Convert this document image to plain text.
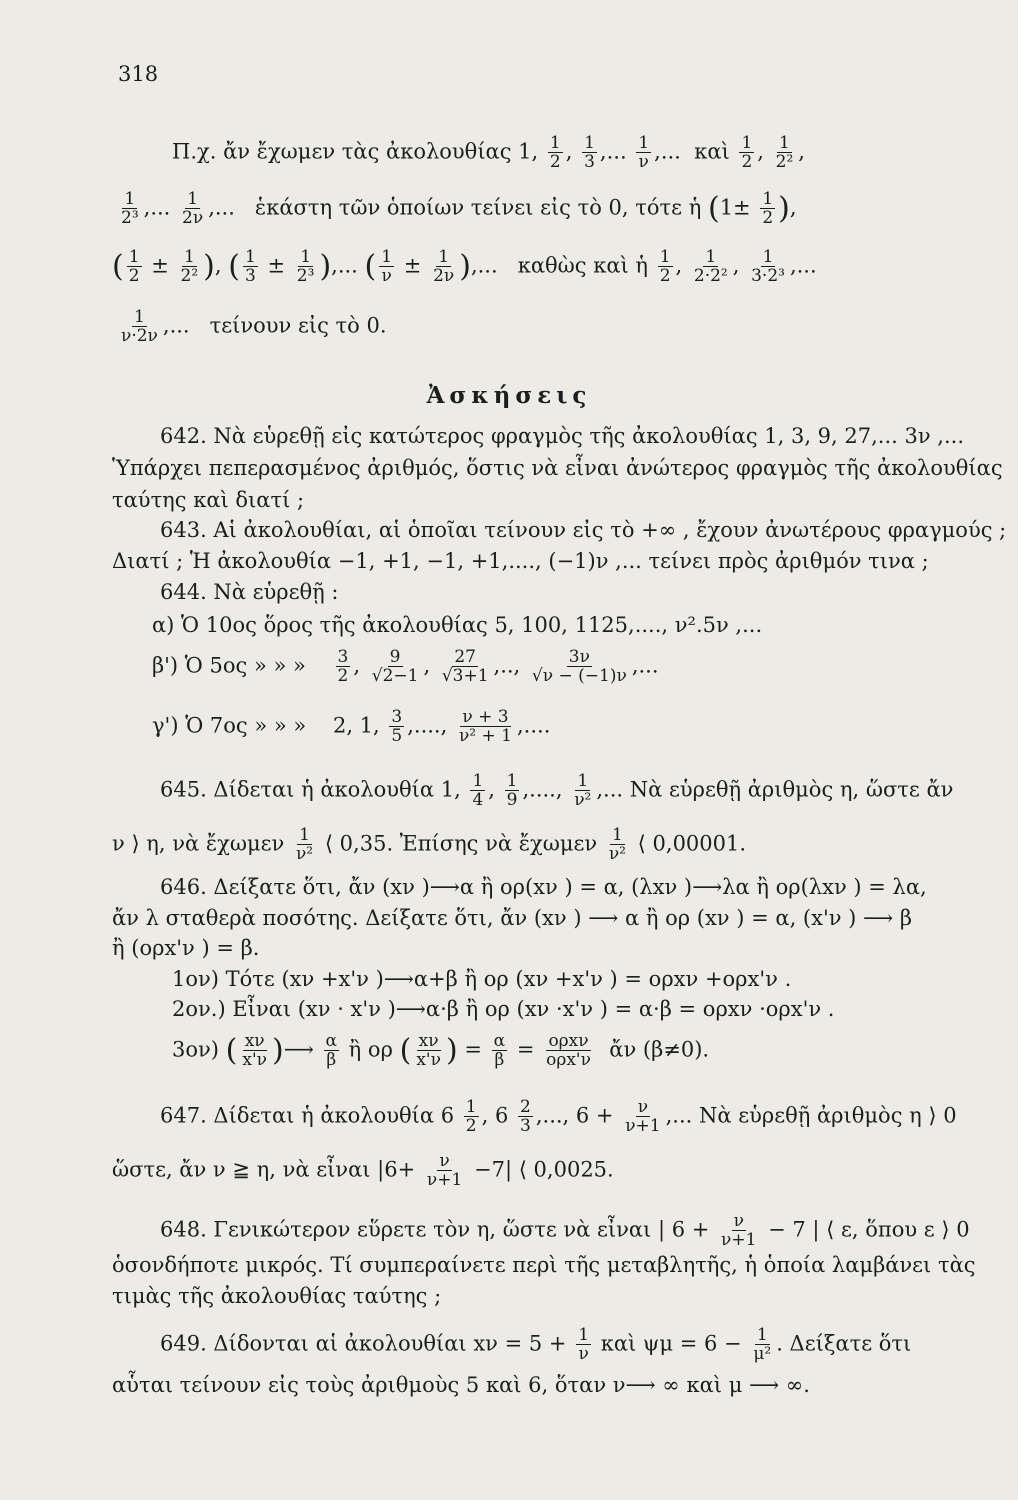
318
Π.χ. ἄν ἔχωμεν τὰς ἀκολουθίας 1, $\frac{1}{2}$ , $\frac{1}{3}$ ,... $\frac{1}{\nu}$ ,... καὶ $\frac{1}{2}$ , $\frac{1}{\text{2²}}$ ,
$\frac{1}{\text{2³}}$ ,... $\frac{1}{2\nu}$ ,... ἑκάστη τῶν ὁποίων τείνει εἰς τὸ 0, τότε ἡ ($1\pm \frac{1}{2}$ ),
( $\frac{1}{2} \pm \frac{1}{\text{2²}}$ ), ( $\frac{1}{3} \pm \frac{1}{\text{2³}}$ ),... ( $\frac{1}{\nu} \pm \frac{1}{2\nu}$ ),... καθὼς καὶ ἡ $\frac{1}{2}$ , $\frac{1}{\text{2·2²}}$ , $\frac{1}{\text{3·2³}}$ ,...
$\frac{1}{\nu\cdot 2\nu}$ ,... τείνουν εἰς τὸ 0.
Ἀσκήσεις
642. Νὰ εὑρεθῇ εἰς κατώτερος φραγμὸς τῆς ἀκολουθίας 1, 3, 9, 27,... 3ν ,...
Ὑπάρχει πεπερασμένος ἀριθμός, ὅστις νὰ εἶναι ἀνώτερος φραγμὸς τῆς ἀκολουθίας
ταύτης καὶ διατί ;
643. Αἱ ἀκολουθίαι, αἱ ὁποῖαι τείνουν εἰς τὸ +∞ , ἔχουν ἀνωτέρους φραγμούς ;
Διατί ; Ἡ ἀκολουθία −1, +1, −1, +1,...., (−1)ν ,... τείνει πρὸς ἀριθμόν τινα ;
644. Νὰ εὑρεθῇ :
α) Ὁ 10ος ὅρος τῆς ἀκολουθίας 5, 100, 1125,...., ν².5ν ,...
β') Ὁ 5ος » » » $\frac{3}{2}$ , $\frac{9}{√2-1}$ , $\frac{27}{√3+1}$ ,.., $\frac{3\nu}{√\nu - (-1)\nu}$ ,...
γ') Ὁ 7ος » » » 2, 1, $\frac{3}{5}$ ,...., $\frac{\nu + 3}{\text{ν² + 1}}$ ,....
645. Δίδεται ἡ ἀκολουθία 1, $\frac{1}{4}$ , $\frac{1}{9}$ ,...., $\frac{1}{\text{ν²}}$ ,... Νὰ εὑρεθῇ ἀριθμὸς η, ὥστε ἄν
ν ⟩ η, νὰ ἔχωμεν $\frac{1}{\text{ν²}}$ ⟨ 0,35. Ἐπίσης νὰ ἔχωμεν $\frac{1}{\text{ν²}}$ ⟨ 0,00001.
646. Δείξατε ὅτι, ἄν (xν )⟶α ἢ ορ(xν ) = α, (λxν )⟶λα ἢ ορ(λxν ) = λα,
ἄν λ σταθερὰ ποσότης. Δείξατε ὅτι, ἄν (xν ) ⟶ α ἢ ορ (xν ) = α, (x'ν ) ⟶ β
ἢ (ορx'ν ) = β.
1ον) Τότε (xν +x'ν )⟶α+β ἢ ορ (xν +x'ν ) = ορxν +ορx'ν .
2ον.) Εἶναι (xν · x'ν )⟶α·β ἢ ορ (xν ·x'ν ) = α·β = ορxν ·ορx'ν .
3ον) ( $\frac{x\nu}{x'\nu}$ )⟶ $\frac{\alpha}{\beta}$ ἢ ορ ( $\frac{x\nu}{x'\nu}$ ) = $\frac{\alpha}{\beta} = \frac{\text{ορxν}}{\text{ορx'ν}}$ ἄν (β≠0).
647. Δίδεται ἡ ἀκολουθία $6 \frac{1}{2}$ , $6 \frac{2}{3}$ ,..., $6 + \frac{\nu}{\nu+1}$ ,... Νὰ εὑρεθῇ ἀριθμὸς η ⟩ 0
ὥστε, ἄν ν ≧ η, νὰ εἶναι $|6+ \frac{\nu}{\nu+1} -7|$ ⟨ 0,0025.
648. Γενικώτερον εὕρετε τὸν η, ὥστε νὰ εἶναι | $6 + \frac{\nu}{\nu+1} - 7$ | ⟨ ε, ὅπου ε ⟩ 0
ὁσονδήποτε μικρός. Τί συμπεραίνετε περὶ τῆς μεταβλητῆς, ἡ ὁποία λαμβάνει τὰς
τιμὰς τῆς ἀκολουθίας ταύτης ;
649. Δίδονται αἱ ἀκολουθίαι $x\nu = 5 + \frac{1}{\nu}$ καὶ $\psi\mu = 6 - \frac{1}{\text{μ²}}$ . Δείξατε ὅτι
αὗται τείνουν εἰς τοὺς ἀριθμοὺς 5 καὶ 6, ὅταν ν⟶ ∞ καὶ μ ⟶ ∞.
